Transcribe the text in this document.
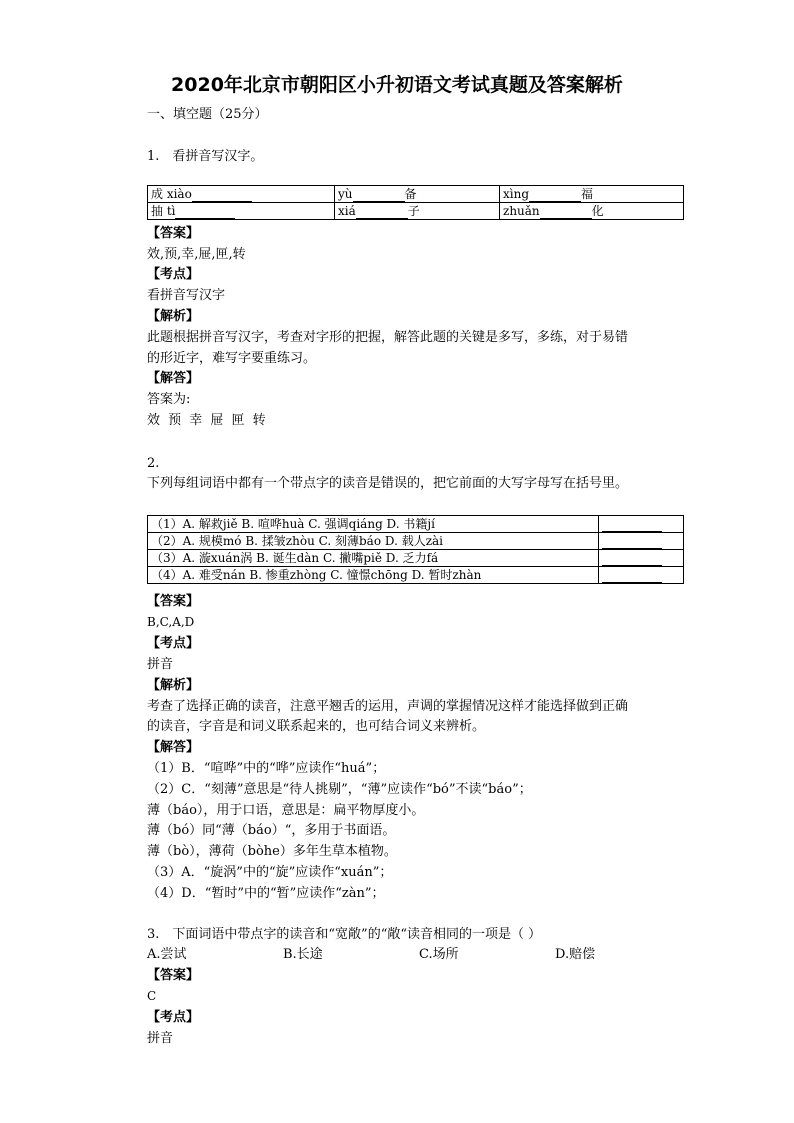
2020年北京市朝阳区小升初语文考试真题及答案解析
一、填空题（25分）
1.　看拼音写汉字。
成 xiào	yù 备	xìng 福
抽 tì	xiá 子	zhuǎn 化
【答案】
效,预,幸,屉,匣,转
【考点】
看拼音写汉字
【解析】
此题根据拼音写汉字，考查对字形的把握，解答此题的关键是多写，多练，对于易错
的形近字，难写字要重练习。
【解答】
答案为:
效 预 幸 屉 匣 转
2.
下列每组词语中都有一个带点字的读音是错误的，把它前面的大写字母写在括号里。
（1）A. 解救jiě B. 喧哗huà C. 强调qiáng D. 书籍jí	
（2）A. 规模mó B. 揉皱zhòu C. 刻薄báo D. 载人zài	
（3）A. 漩xuán涡 B. 诞生dàn C. 撇嘴piě D. 乏力fá	
（4）A. 难受nán B. 惨重zhòng C. 憧憬chōng D. 暂时zhàn	
【答案】
B,C,A,D
【考点】
拼音
【解析】
考查了选择正确的读音，注意平翘舌的运用，声调的掌握情况这样才能选择做到正确
的读音，字音是和词义联系起来的，也可结合词义来辨析。
【解答】
（1）B．“喧哗”中的“哗”应读作“huá”；
（2）C．“刻薄”意思是“待人挑剔”，“薄”应读作“bó”不读“báo”；
薄（báo），用于口语，意思是：扁平物厚度小。
薄（bó）同“薄（báo）“，多用于书面语。
薄（bò），薄荷（bòhe）多年生草本植物。
（3）A．“旋涡”中的“旋”应读作“xuán”；
（4）D．“暂时”中的“暂”应读作“zàn”；
3.　下面词语中带点字的读音和“宽敞”的“敞“读音相同的一项是（ ）
A.尝试	B.长途	C.场所	D.赔偿
【答案】
C
【考点】
拼音
